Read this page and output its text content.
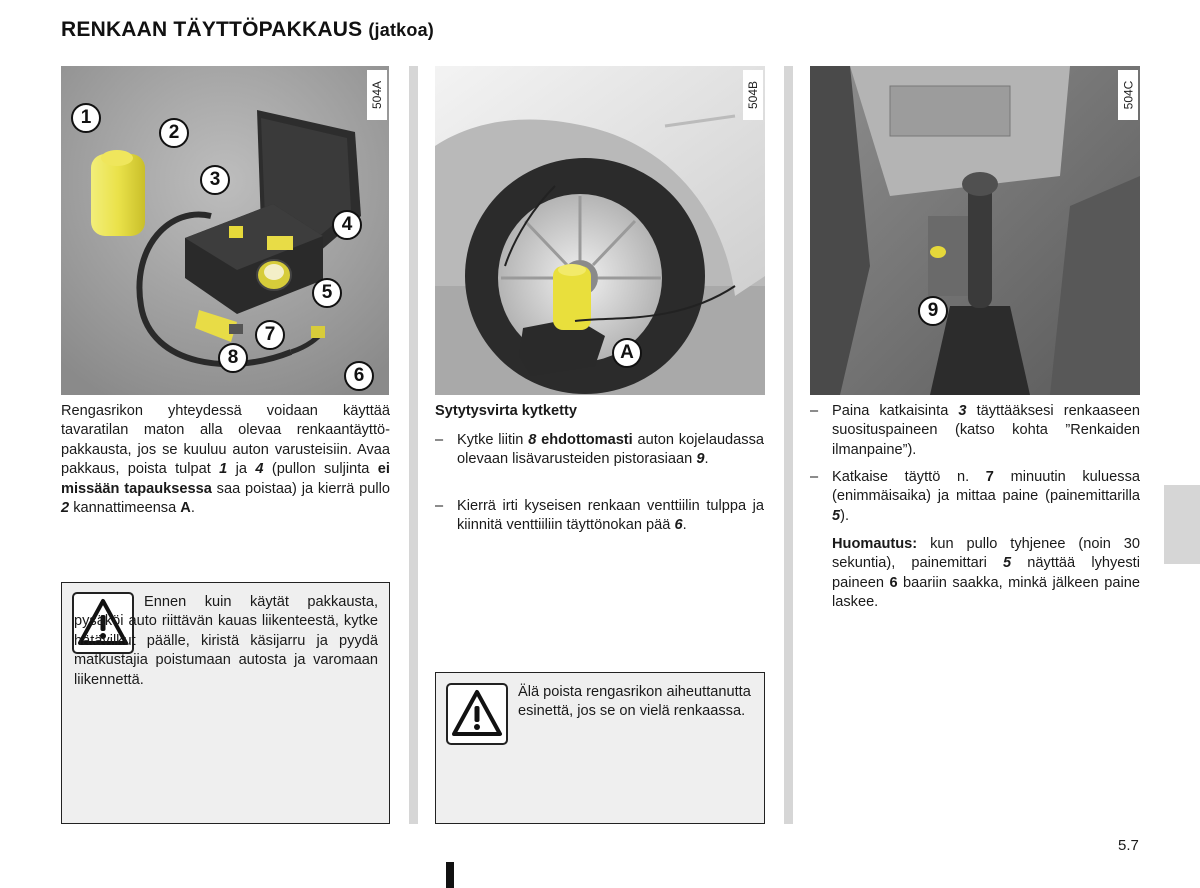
RENKAAN TÄYTTÖPAKKAUS (jatkoa)
504A
1
2
3
4
5
7
8
6
504B
A
504C
9
Rengasrikon yhteydessä voidaan käyttää tavaratilan maton alla olevaa renkaantäyttö-pakkausta, jos se kuuluu auton varusteisiin. Avaa pakkaus, poista tulpat 1 ja 4 (pullon suljinta ei missään tapauksessa saa poistaa) ja kierrä pullo 2 kannattimeensa A.
Ennen kuin käytät pakkausta, pysäköi auto riittävän kauas liikenteestä, kytke hätävilkut päälle, kiristä käsijarru ja pyydä matkustajia poistumaan autosta ja varomaan liikennettä.
Sytytysvirta kytketty
– Kytke liitin 8 ehdottomasti auton kojelaudassa olevaan lisävarusteiden pistorasiaan 9.
– Kierrä irti kyseisen renkaan venttiilin tulppa ja kiinnitä venttiiliin täyttönokan pää 6.
Älä poista rengasrikon aiheuttanutta esinettä, jos se on vielä renkaassa.
– Paina katkaisinta 3 täyttääksesi renkaaseen suosituspaineen (katso kohta ”Renkaiden ilmanpaine”).
– Katkaise täyttö n. 7 minuutin kuluessa (enimmäisaika) ja mittaa paine (painemittarilla 5).
Huomautus: kun pullo tyhjenee (noin 30 sekuntia), painemittari 5 näyttää lyhyesti paineen 6 baariin saakka, minkä jälkeen paine laskee.
5.7
